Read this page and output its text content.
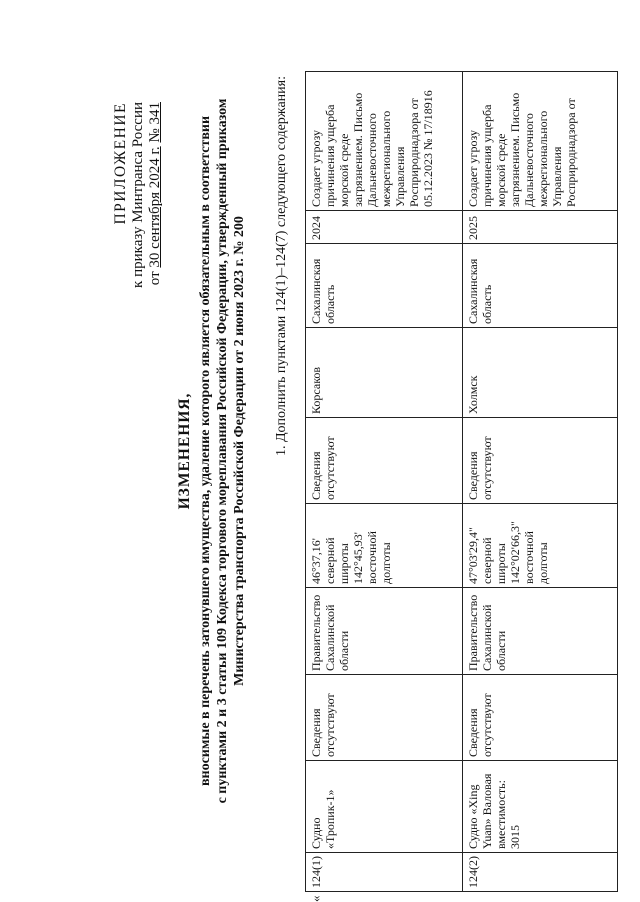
ПРИЛОЖЕНИЕ к приказу Минтранса России от 30 сентября 2024 г. № 341
ИЗМЕНЕНИЯ, вносимые в перечень затонувшего имущества, удаление которого является обязательным в соответствии с пунктами 2 и 3 статьи 109 Кодекса торгового мореплавания Российской Федерации, утвержденный приказом Министерства транспорта Российской Федерации от 2 июня 2023 г. № 200 1. Дополнить пунктами 124(1)–124(7) следующего содержания:
«
124(1)	Судно «Тропик-1»	Сведения отсутствуют	Правительство Сахалинской области	46°37,16' северной широты 142°45,93' восточной долготы	Сведения отсутствуют	Корсаков	Сахалинская область	2024	Создает угрозу причинения ущерба морской среде загрязнением. Письмо Дальневосточного межрегионального Управления Росприроднадзора от 05.12.2023 № 17/18916
124(2)	Судно «Xing Yuan» Валовая вместимость: 3015	Сведения отсутствуют	Правительство Сахалинской области	47°03'29,4" северной широты 142°02'66,3" восточной долготы	Сведения отсутствуют	Холмск	Сахалинская область	2025	Создает угрозу причинения ущерба морской среде загрязнением. Письмо Дальневосточного межрегионального Управления Росприроднадзора от
